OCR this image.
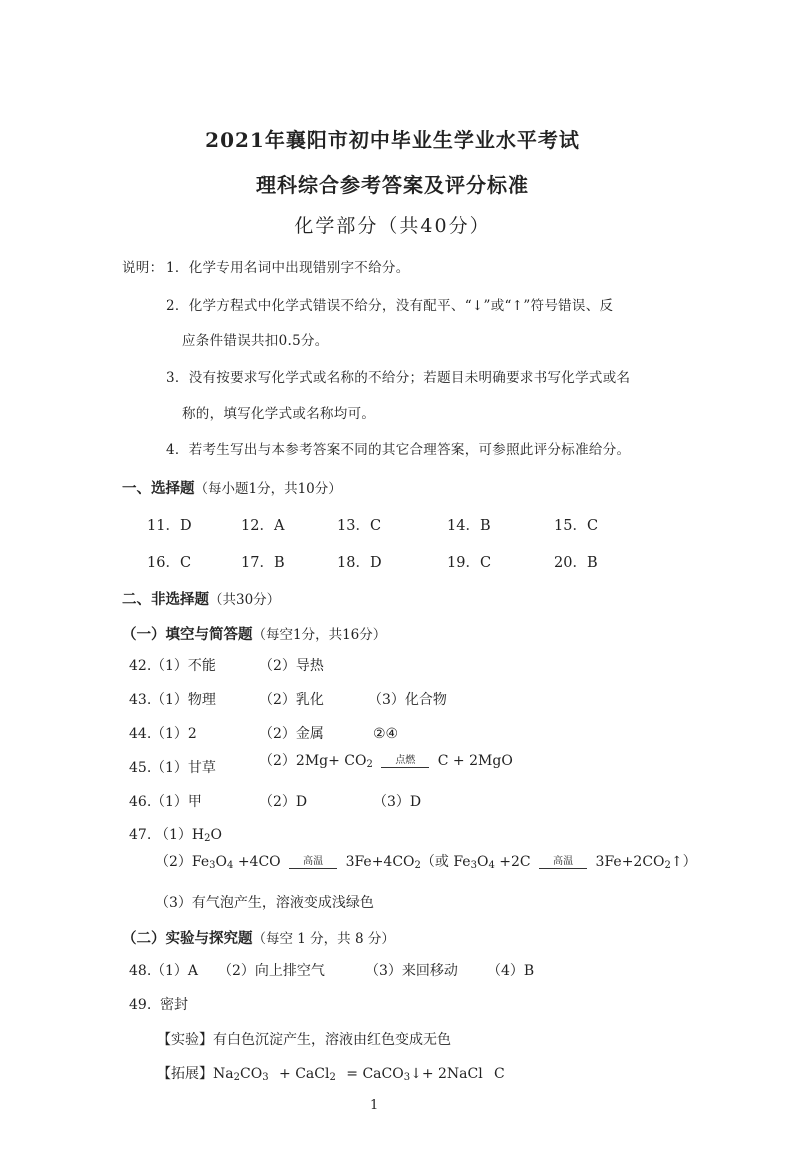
2021年襄阳市初中毕业生学业水平考试
理科综合参考答案及评分标准
化学部分（共40分）
说明： 1．化学专用名词中出现错别字不给分。
2．化学方程式中化学式错误不给分，没有配平、“↓”或“↑”符号错误、反
应条件错误共扣0.5分。
3．没有按要求写化学式或名称的不给分；若题目未明确要求书写化学式或名
称的，填写化学式或名称均可。
4．若考生写出与本参考答案不同的其它合理答案，可参照此评分标准给分。
一、选择题（每小题1分，共10分）
11．D	12．A	13．C	14．B	15．C
16．C	17．B	18．D	19．C	20．B
二、非选择题（共30分）
（一）填空与简答题（每空1分，共16分）
42. （1）不能	（2）导热
43. （1）物理	（2）乳化	（3）化合物
44. （1）2	（2）金属	②④
45. （1）甘草	$(2)2Mg+ CO_2$	点燃	C + 2MgO
46. （1）甲	（2）D	（3）D
47. $(1)H_2O$
$(2)Fe_3O_4 +4CO$	高温	$3Fe+4CO_2$（或 $Fe_3O_4 +2C$	高温	$3Fe+2CO_2↑$）
（3）有气泡产生，溶液变成浅绿色
（二）实验与探究题（每空 1 分，共 8 分）
48. （1）A （2）向上排空气	（3）来回移动 （4）B
49. 密封
【实验】有白色沉淀产生，溶液由红色变成无色
【拓展】$Na_2CO_3$ + CaCl$_2$ = CaCO$_3$↓+ 2NaCl C
1
